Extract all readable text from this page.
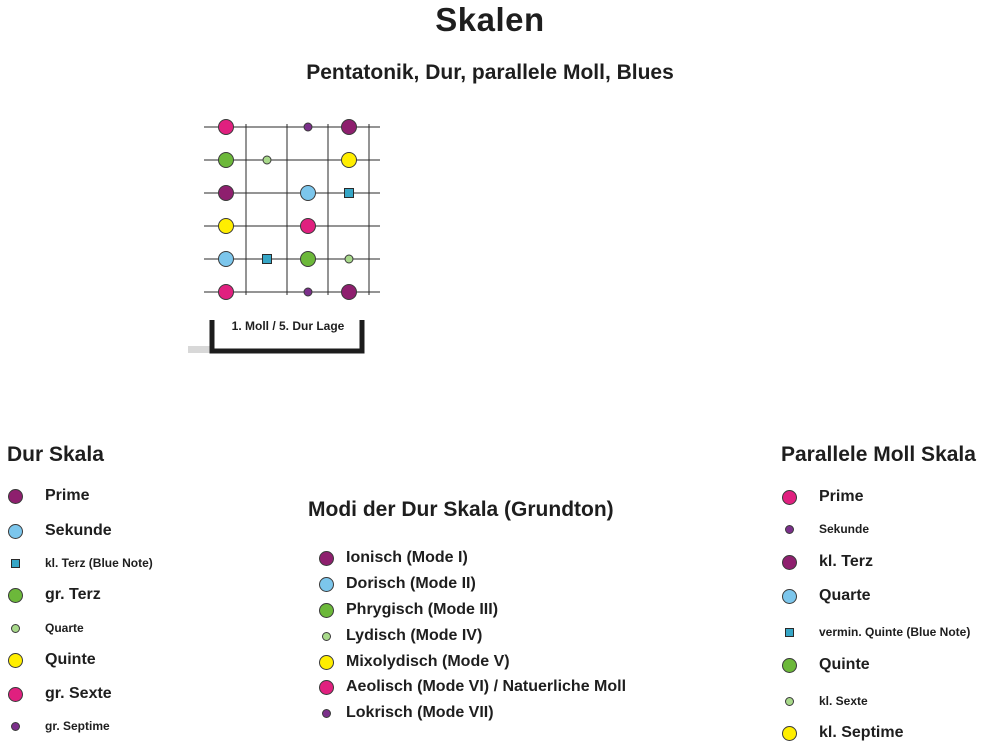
Skalen
Pentatonik, Dur, parallele Moll, Blues
1. Moll / 5. Dur Lage
Dur Skala
Prime
Sekunde
kl. Terz (Blue Note)
gr. Terz
Quarte
Quinte
gr. Sexte
gr. Septime
Modi der Dur Skala (Grundton)
Ionisch (Mode I)
Dorisch (Mode II)
Phrygisch (Mode III)
Lydisch (Mode IV)
Mixolydisch (Mode V)
Aeolisch (Mode VI) / Natuerliche Moll
Lokrisch (Mode VII)
Parallele Moll Skala
Prime
Sekunde
kl. Terz
Quarte
vermin. Quinte (Blue Note)
Quinte
kl. Sexte
kl. Septime
